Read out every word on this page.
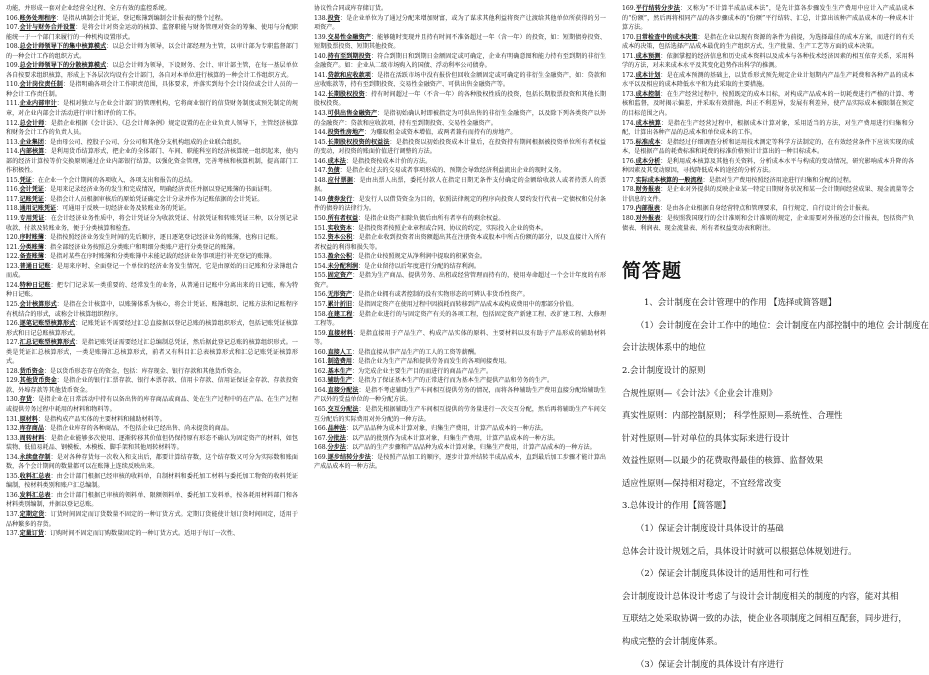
功能，并形成一套对企业经营全过程、全方有效的监控系统。

106.账务处理程序：是指从填制会计凭证，登记账簿到编制会计报表的整个过程。

107.会计与财务合并设置：是将会计对资金运动的核算、监督职能与财务管理对资金的筹集、使用与分配职能统一于一个部门来履行的一种机构设置形式。

108.总会计师领导下的集中核算模式：以总会计师为领导，以会计部经理为主管，以审计部为专职监督部门的一种会计工作的组织方式。

109.总会计师领导下的分散核算模式：以总会计师为领导，下设财务、会计、审计部主管，在每一基层单位各自按要求组织核算，形成上下各层次均设有会计部门，各自对本单位进行核算的一种会计工作组织方式。

110.会计岗位责任制：是指明确各项会计工作职责范围，具体要求，并落实到每个会计岗位或会计人员的一种会计工作责任制。

111.企业内部审计：是相对独立与企业会计部门的管理机构，它将商业银行的信贷财务制度或预先制定的规章，对企业内部会计活动进行审计和评价的工作。

112.总会计师：是指企业根据《会计法》、《总会计师条例》规定设置的在企业负责人领导下，主管经济核算和财务会计工作的负责人员。

113.企业集团：是由母公司、控股子公司、分公司和其他分支机构组成的企业联合组织。

114.内部核算：是利用货币结算形式，把企业的全体部门、车间、职能科室的经济核算统一组织起来，使内部的经济计算按等价交换原则通过企业内部银行结算，以强化资金管理，完善考核和核算机制，提高部门工作积极性。

115.凭证：在企业一个会计期间的各项收入、各项支出和报告的总结。

116.会计凭证：是用来记录经济业务的发生和完成情况，明确经济责任并据以登记账簿的书面证明。

117.记账凭证：是指会计人员根据审核后的原始凭证确定会计分录并作为记账依据的会计凭证。

118.通用记账凭证：可通用于反映一切经济业务及转账业务的凭证。

119.专用凭证：在会计经济业务性质中，将会计凭证分为收款凭证、付款凭证和转账凭证三种，以分别记录收款、付款及转账业务，便于分类核算和检查。

120.序时账簿：是指按照经济业务发生时间的先后顺序，逐日逐笔登记经济业务的账簿，也称日记账。

121.分类账簿：指全部经济业务按照总分类账户和明细分类账户进行分类登记的账簿。

122.备查账簿：是指对某些在序时账簿和分类账簿中未能记载的经济业务事项进行补充登记的账簿。

123.普通日记账：是用来序时、全面登记一个单位的经济业务发生情况，它是由原始的日记账和分录簿组合而成。

124.特种日记账：把专门记录某一类重要的、经常发生的业务，从普通日记账中分离出来的日记账，称为特种日记账。

125.会计核算形式：是指在会计核算中，以账簿体系为核心，将会计凭证、账簿组织、记账方法和记账程序有机结合的形式，或称会计核算组织程序。

126.逐笔记账型核算形式：记账凭证不需要经过汇总直接据以登记总账的核算组织形式，包括记账凭证核算形式和日记总账核算形式。

127.汇总记账型核算形式：是指记账凭证需要经过汇总编制总凭证，然后据此登记总账的核算组织形式。一类是凭证汇总核算形式，一类是账簿汇总核算形式，前者又有科目汇总表核算形式和汇总记账凭证核算形式。

128.货币资金：是以货币形态存在的资金，包括：库存现金、银行存款和其他货币资金。

129.其他货币资金：是指企业的银行汇票存款、银行本票存款、信用卡存款、信用证保证金存款、存款投资款、外埠存款等其他货币资金。

130.存货：是指企业在日常活动中持有以备出售的库存商品或商品、处在生产过程中的在产品、在生产过程或提供劳务过程中耗用的材料和物料等。

131.原材料：是指构成产品实体的主要材料和辅助材料等。

132.库存商品：是指企业库存的各种商品，不包括企业已经出售、尚未提货的商品。

133.周转材料：是指企业能够多次使用、逐渐转移其价值但仍保持原有形态不确认为固定资产的材料，如包装物、低值易耗品、钢模板、木模板、脚手架和其他周转材料等。

134.永续盘存制：是对各种存货每一次收入和支出后，都要计算结存数，这个结存数又可分为实际数和账面数，各个会计期间的数量都可以在账簿上连续反映出来。

135.收料汇总表：由会计部门根据已经审核的收料单，自制材料和委托加工材料与委托加工物资的收料凭证编制，按材料类别和账户汇总编制。

136.发料汇总表：由会计部门根据已审核的领料单、限额领料单、委托加工发料单，按各耗用材料部门和各材料类别编制，并据以登记总账。

137.定期定货：订货时间固定而订货数量不固定的一种订货方式。定期订货能使计划订货时间固定，适用于品种繁多的存货。

137.定量订货：订购时间不固定而订购数量固定的一种订货方式。适用于每订一次性、

协议性合同或库存储订货。

138.投资：是企业单位为了通过分配来增加财富，或为了谋求其他利益将资产让渡给其他单位所获得的另一项资产。

139.交易性金融资产：能够随时变现并且持有时间不准备超过一年（含一年）的投资，如：短期债券投资、短期股票投资、短期其他投资。

140.持有至到期投资：符合到期日和到期日金额固定或可确定，企业有明确意图和能力持有至到期的非衍生金融资产。如：企业从二级市场购入的国债、浮动利率公司债券。

141.贷款和应收款项：是指在活跃市场中没有报价但回收金额固定或可确定的非衍生金融资产，如：贷款和应收账款等，持有至到期投资、交易性金融资产、可供出售金融资产等。

142.长期股权投资：持有时间超过一年（不含一年）的各种股权性质的投资，包括长期股票投资和其他长期股权投资。

143.可供出售金融资产：是指初始确认时即被指定为可供出售的非衍生金融资产，以及除下列各类资产以外的金融资产：贷款和应收款项、持有至到期投资、交易性金融资产。

144.投资性房地产：为赚取租金或资本增值，或两者兼有而持有的房地产。

145.长期股权投资的权益法：是指投资以初始投资成本计量后，在投资持有期间根据被投资单位所有者权益的变动，对投资的账面价值进行调整的方法。

146.成本法：是指投资按成本计价的方法。

147.负债：是指企业过去的交易或者事项形成的、预期会导致经济利益流出企业的现时义务。

148.应付票据：是由出票人出票，委托付款人在指定日期无条件支付确定的金额给收款人或者持票人的票据。

149.债券发行：是发行人以借贷资金为目的，依照法律规定的程序向投资人要约发行代表一定债权和兑付条件的债券的法律行为。

150.所有者权益：是指企业资产扣除负债后由所有者享有的剩余权益。

151.实收资本：是指投资者按照企业章程或合同、协议的约定，实际投入企业的资本。

152.资本公积：是指企业收到投资者出资额超出其在注册资本或股本中所占份额的部分，以及直接计入所有者权益的利得和损失等。

153.盈余公积：是指企业按照规定从净利润中提取的积累资金。

154.未分配利润：是企业留待以后年度进行分配的结存利润。

155.固定资产：是指为生产商品、提供劳务、出租或经营管理而持有的，使用寿命超过一个会计年度的有形资产。

156.无形资产：是指企业拥有或者控制的没有实物形态的可辨认非货币性资产。

157.累计折旧：是指固定资产在使用过程中因损耗而转移到产品成本或构成费用中的那部分价值。

158.在建工程：是指企业进行的与固定资产有关的各项工程，包括固定资产新建工程、改扩建工程、大修理工程等。

159.直接材料：是指直接用于产品生产、构成产品实体的原料、主要材料以及有助于产品形成的辅助材料等。

160.直接人工：是指直接从事产品生产的工人的工资等薪酬。

161.制造费用：是指企业为生产产品和提供劳务而发生的各项间接费用。

162.基本生产：为完成企业主要生产目的而进行的商品产品生产。

163.辅助生产：是指为了保证基本生产的正常进行而为基本生产提供产品和劳务的生产。

164.直接分配法：是指不考虑辅助生产车间相互提供劳务的情况，而将各种辅助生产费用直接分配给辅助生产以外的受益单位的一种分配方法。

165.交互分配法：是指先根据辅助生产车间相互提供的劳务量进行一次交互分配，然后再将辅助生产车间交互分配后的实际费用对外分配的一种方法。

166.品种法：以产品品种为成本计算对象，归集生产费用，计算产品成本的一种方法。

167.分批法：以产品的批别作为成本计算对象，归集生产费用，计算产品成本的一种方法。

168.分步法：以产品的生产步骤和产品品种为成本计算对象，归集生产费用，计算产品成本的一种方法。

169.逐步结转分步法：是按照产品加工的顺序，逐步计算并结转半成品成本，直到最后加工步骤才能计算出产成品成本的一种方法。

169.平行结转分步法：又称为“不计算半成品成本法”，是先计算各步骤发生生产费用中应计入产成品成本的“份额”，然后再将相同产品的各步骤成本的“份额”平行结转、汇总，计算出该种产成品成本的一种成本计算方法。

170.日常检查中的成本决策：是指在企业以现有资源的条件为前提，为选择最佳的成本方案，而进行的有关成本的决策，包括选择产品成本最优的生产组织方式、生产批量、生产工艺等方面的成本决策。

171.成本预测：依据掌握的经济信息和历史成本资料以及成本与各种技术经济因素的相互依存关系，采用科学的方法，对未来成本水平及其变化趋势作出科学的推测。

172.成本计划：是在成本预测的基础上，以货币形式预先规定企业计划期内产品生产耗费和各种产品的成本水平以及相应的成本降低水平和为此采取的主要措施。

173.成本控制：在生产经营过程中，按照既定的成本目标，对构成产品成本的一切耗费进行严格的计算、考核和监督，及时揭示偏差，并采取有效措施，纠正不利差异，发展有利差异，使产品实际成本被限制在预定的目标范围之内。

174.成本核算：是指在生产经营过程中，根据成本计算对象，采用适当的方法，对生产费用进行归集和分配，计算出各种产品的总成本和单位成本的工作。

175.标准成本：是指经过仔细调查分析和运用技术测定等科学方法制定的，在有效经营条件下应该实现的成本，是根据产品的耗费标准和耗费的标准价格预计计算出的一种目标成本。

176.成本分析：是利用成本核算及其他有关资料，分析成本水平与构成的变动情况，研究影响成本升降的各种因素及其变动原因，寻找降低成本的途径的分析方法。

177.实际成本核算的一般流程：是指对生产费用按照经济用途进行归集和分配的过程。

178.财务报表：是企业对外提供的反映企业某一特定日期财务状况和某一会计期间经营成果、现金流量等会计信息的文件。

179.内部报表：是由各企业根据自身经营特点和管理要求，自行规定、自行设计的会计报表。

180.对外报表：是按照我国现行的会计准则和会计准则的规定，企业需要对外报送的会计报表，包括资产负债表、利润表、现金流量表、所有者权益变动表和附注。

简答题

1、会计制度在会计管理中的作用 【选择或简答题】

（1）会计制度在会计工作中的地位：会计制度在内部控制中的地位 会计制度在

会计法规体系中的地位

2.会计制度设计的原则

合规性原则—《会计法》《企业会计准则》

真实性原则：内部控制原则； 科学性原则—系统性、合理性

针对性原则—针对单位的具体实际来进行设计

效益性原则—以最少的花费取得最佳的核算、监督效果

适应性原则—保持相对稳定，不宜经常改变

3.总体设计的作用【简答题】

（1）保证会计制度设计具体设计的基础

总体会计设计规划之后，具体设计时就可以根据总体规划进行。

（2）保证会计制度具体设计的适用性和可行性

会计制度设计总体设计考虑了与设计会计制度相关的制度的内容，能对其相

互联结之处采取协调一致的办法，使企业各项制度之间相互配套，同步进行，

构成完整的会计制度体系。

（3）保证会计制度的具体设计有序进行
